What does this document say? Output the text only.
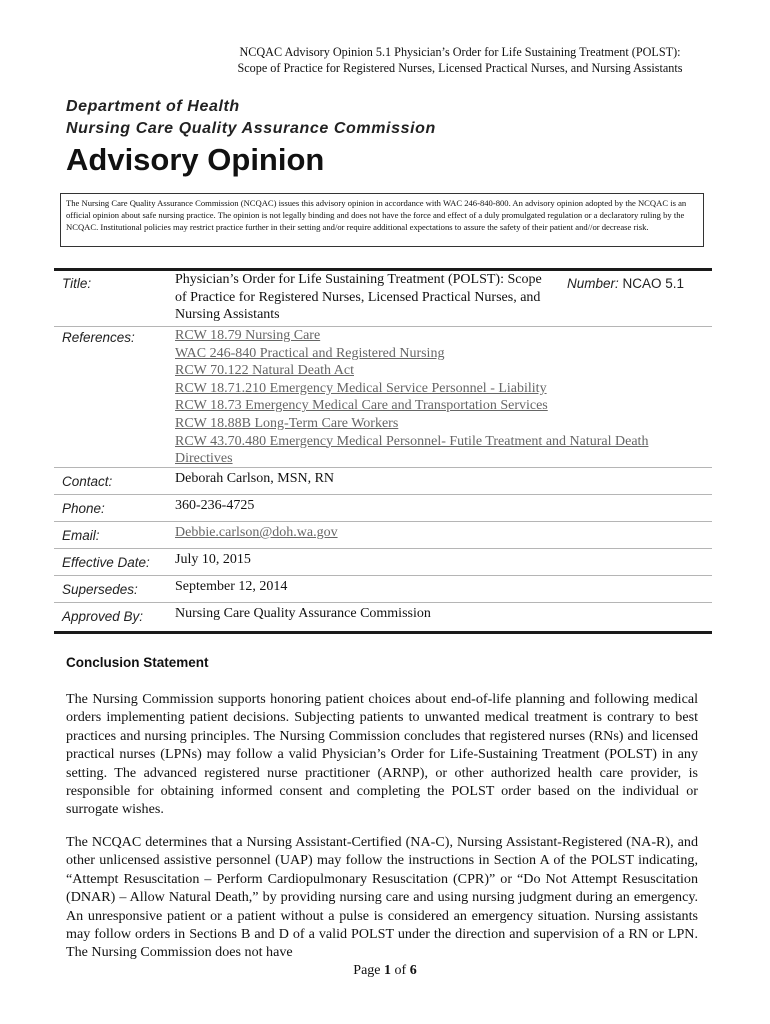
NCQAC Advisory Opinion 5.1 Physician’s Order for Life Sustaining Treatment (POLST):
Scope of Practice for Registered Nurses, Licensed Practical Nurses, and Nursing Assistants
Department of Health
Nursing Care Quality Assurance Commission
Advisory Opinion
The Nursing Care Quality Assurance Commission (NCQAC) issues this advisory opinion in accordance with WAC 246-840-800. An advisory opinion adopted by the NCQAC is an official opinion about safe nursing practice. The opinion is not legally binding and does not have the force and effect of a duly promulgated regulation or a declaratory ruling by the NCQAC. Institutional policies may restrict practice further in their setting and/or require additional expectations to assure the safety of their patient and//or decrease risk.
Title:	Physician’s Order for Life Sustaining Treatment (POLST): Scope of Practice for Registered Nurses, Licensed Practical Nurses, and Nursing Assistants
Number: NCAO 5.1
References:	RCW 18.79 Nursing Care
WAC 246-840 Practical and Registered Nursing
RCW 70.122 Natural Death Act
RCW 18.71.210 Emergency Medical Service Personnel - Liability
RCW 18.73 Emergency Medical Care and Transportation Services
RCW 18.88B Long-Term Care Workers
RCW 43.70.480 Emergency Medical Personnel- Futile Treatment and Natural Death Directives
Contact:	Deborah Carlson, MSN, RN
Phone:	360-236-4725
Email:	Debbie.carlson@doh.wa.gov
Effective Date: July 10, 2015
Supersedes:	September 12, 2014
Approved By: Nursing Care Quality Assurance Commission
Conclusion Statement
The Nursing Commission supports honoring patient choices about end-of-life planning and following medical orders implementing patient decisions. Subjecting patients to unwanted medical treatment is contrary to best practices and nursing principles. The Nursing Commission concludes that registered nurses (RNs) and licensed practical nurses (LPNs) may follow a valid Physician’s Order for Life-Sustaining Treatment (POLST) in any setting. The advanced registered nurse practitioner (ARNP), or other authorized health care provider, is responsible for obtaining informed consent and completing the POLST order based on the individual or surrogate wishes.
The NCQAC determines that a Nursing Assistant-Certified (NA-C), Nursing Assistant-Registered (NA-R), and other unlicensed assistive personnel (UAP) may follow the instructions in Section A of the POLST indicating, “Attempt Resuscitation – Perform Cardiopulmonary Resuscitation (CPR)” or “Do Not Attempt Resuscitation (DNAR) – Allow Natural Death,” by providing nursing care and using nursing judgment during an emergency. An unresponsive patient or a patient without a pulse is considered an emergency situation. Nursing assistants may follow orders in Sections B and D of a valid POLST under the direction and supervision of a RN or LPN. The Nursing Commission does not have
Page 1 of 6
